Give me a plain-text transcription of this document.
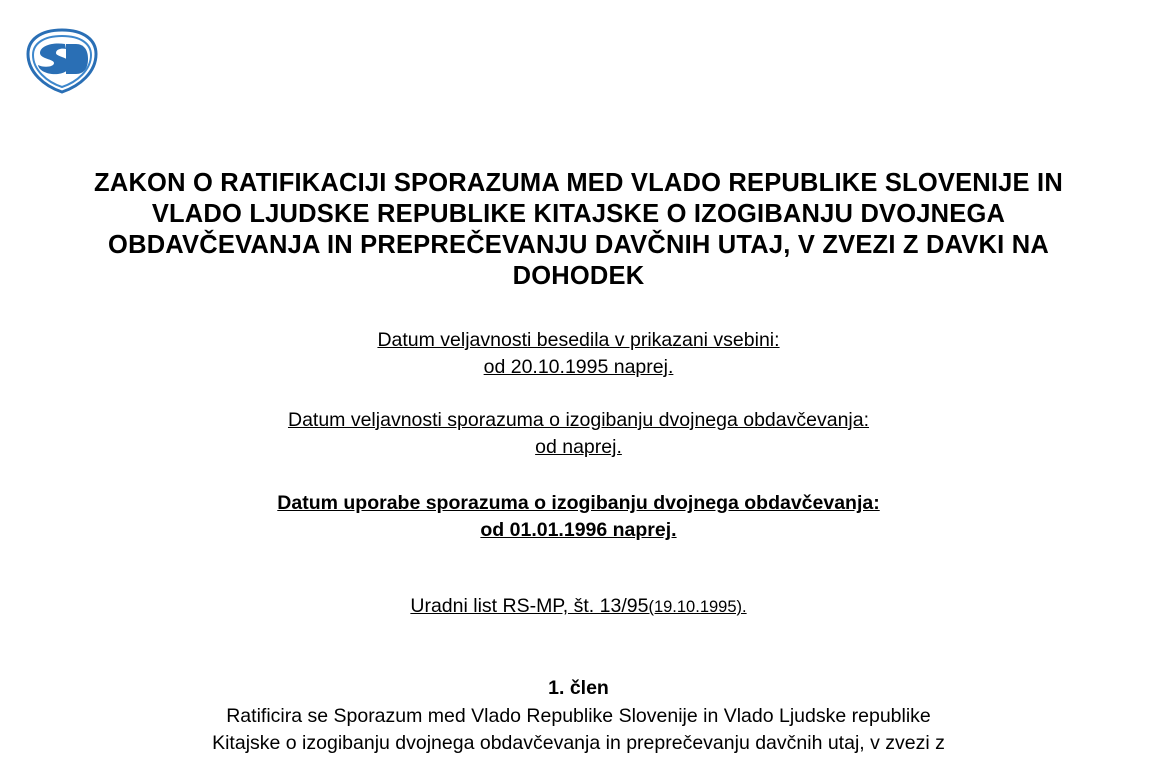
ZAKON O RATIFIKACIJI SPORAZUMA MED VLADO REPUBLIKE SLOVENIJE IN VLADO LJUDSKE REPUBLIKE KITAJSKE O IZOGIBANJU DVOJNEGA OBDAVČEVANJA IN PREPREČEVANJU DAVČNIH UTAJ, V ZVEZI Z DAVKI NA DOHODEK
Datum veljavnosti besedila v prikazani vsebini:
od 20.10.1995 naprej.
Datum veljavnosti sporazuma o izogibanju dvojnega obdavčevanja:
od naprej.
Datum uporabe sporazuma o izogibanju dvojnega obdavčevanja:
od 01.01.1996 naprej.
Uradni list RS-MP, št. 13/95(19.10.1995).
1. člen
Ratificira se Sporazum med Vlado Republike Slovenije in Vlado Ljudske republike
Kitajske o izogibanju dvojnega obdavčevanja in preprečevanju davčnih utaj, v zvezi z
